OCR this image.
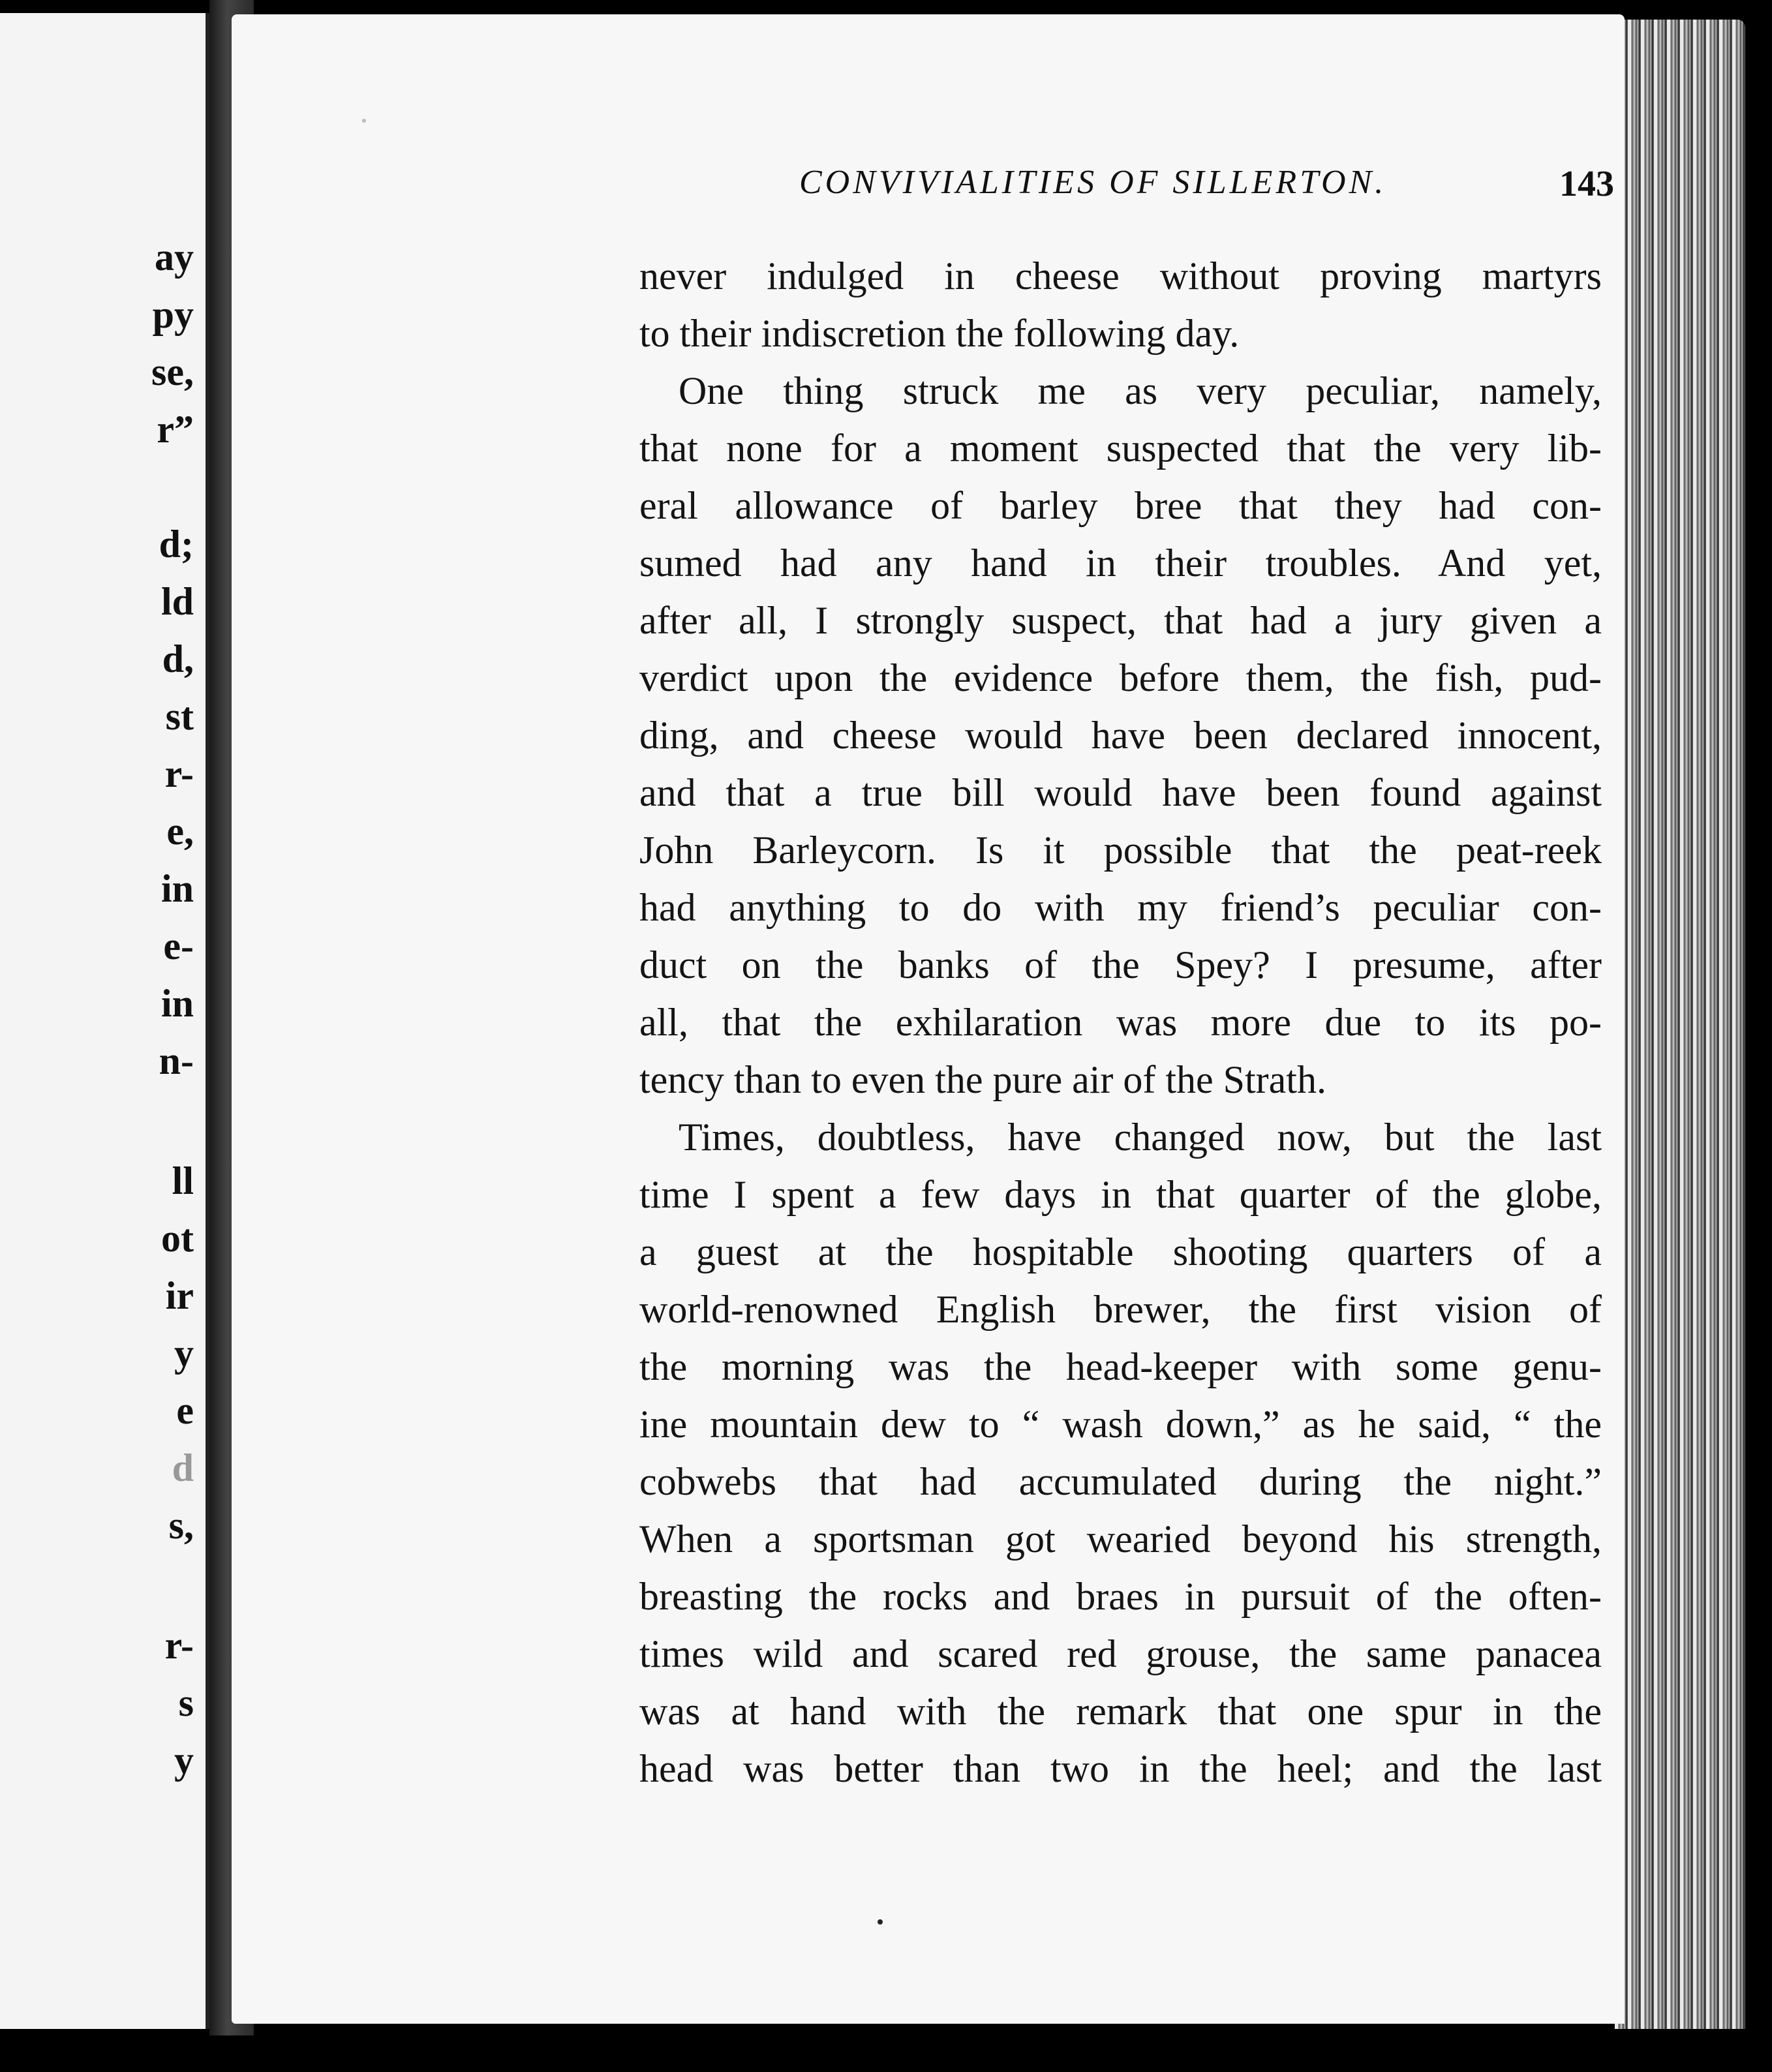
ay
py
se,
r”
d;
ld
d,
st
r-
e,
in
e-
in
n-
ll
ot
ir
y
e
d
s,
r-
s
y
CONVIVIALITIES OF SILLERTON.	143
never indulged in cheese without proving martyrs
to their indiscretion the following day.
One thing struck me as very peculiar, namely,
that none for a moment suspected that the very lib-
eral allowance of barley bree that they had con-
sumed had any hand in their troubles. And yet,
after all, I strongly suspect, that had a jury given a
verdict upon the evidence before them, the fish, pud-
ding, and cheese would have been declared innocent,
and that a true bill would have been found against
John Barleycorn. Is it possible that the peat-reek
had anything to do with my friend’s peculiar con-
duct on the banks of the Spey? I presume, after
all, that the exhilaration was more due to its po-
tency than to even the pure air of the Strath.
Times, doubtless, have changed now, but the last
time I spent a few days in that quarter of the globe,
a guest at the hospitable shooting quarters of a
world-renowned English brewer, the first vision of
the morning was the head-keeper with some genu-
ine mountain dew to “ wash down,” as he said, “ the
cobwebs that had accumulated during the night.”
When a sportsman got wearied beyond his strength,
breasting the rocks and braes in pursuit of the often-
times wild and scared red grouse, the same panacea
was at hand with the remark that one spur in the
head was better than two in the heel; and the last
